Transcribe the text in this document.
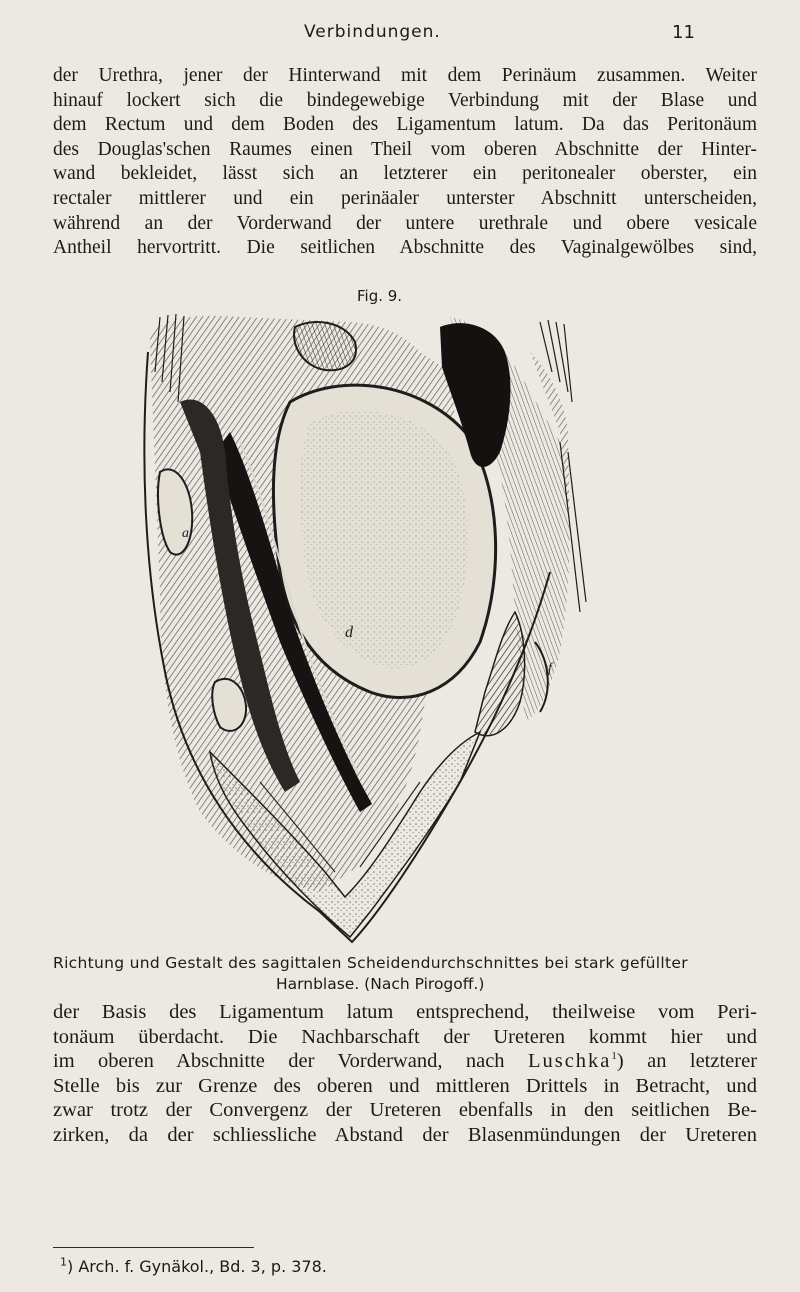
Verbindungen.	11
der Urethra, jener der Hinterwand mit dem Perinäum zusammen. Weiter
hinauf lockert sich die bindegewebige Verbindung mit der Blase und
dem Rectum und dem Boden des Ligamentum latum. Da das Peritonäum
des Douglas'schen Raumes einen Theil vom oberen Abschnitte der Hinter-
wand bekleidet, lässt sich an letzterer ein peritonealer oberster, ein
rectaler mittlerer und ein perinäaler unterster Abschnitt unterscheiden,
während an der Vorderwand der untere urethrale und obere vesicale
Antheil hervortritt. Die seitlichen Abschnitte des Vaginalgewölbes sind,
Fig. 9.
d
a
f
Richtung und Gestalt des sagittalen Scheidendurchschnittes bei stark gefüllter
Harnblase. (Nach Pirogoff.)
der Basis des Ligamentum latum entsprechend, theilweise vom Peri-
tonäum überdacht. Die Nachbarschaft der Ureteren kommt hier und
im oberen Abschnitte der Vorderwand, nach Luschka$^1$) an letzterer
Stelle bis zur Grenze des oberen und mittleren Drittels in Betracht, und
zwar trotz der Convergenz der Ureteren ebenfalls in den seitlichen Be-
zirken, da der schliessliche Abstand der Blasenmündungen der Ureteren
$^1$) Arch. f. Gynäkol., Bd. 3, p. 378.
